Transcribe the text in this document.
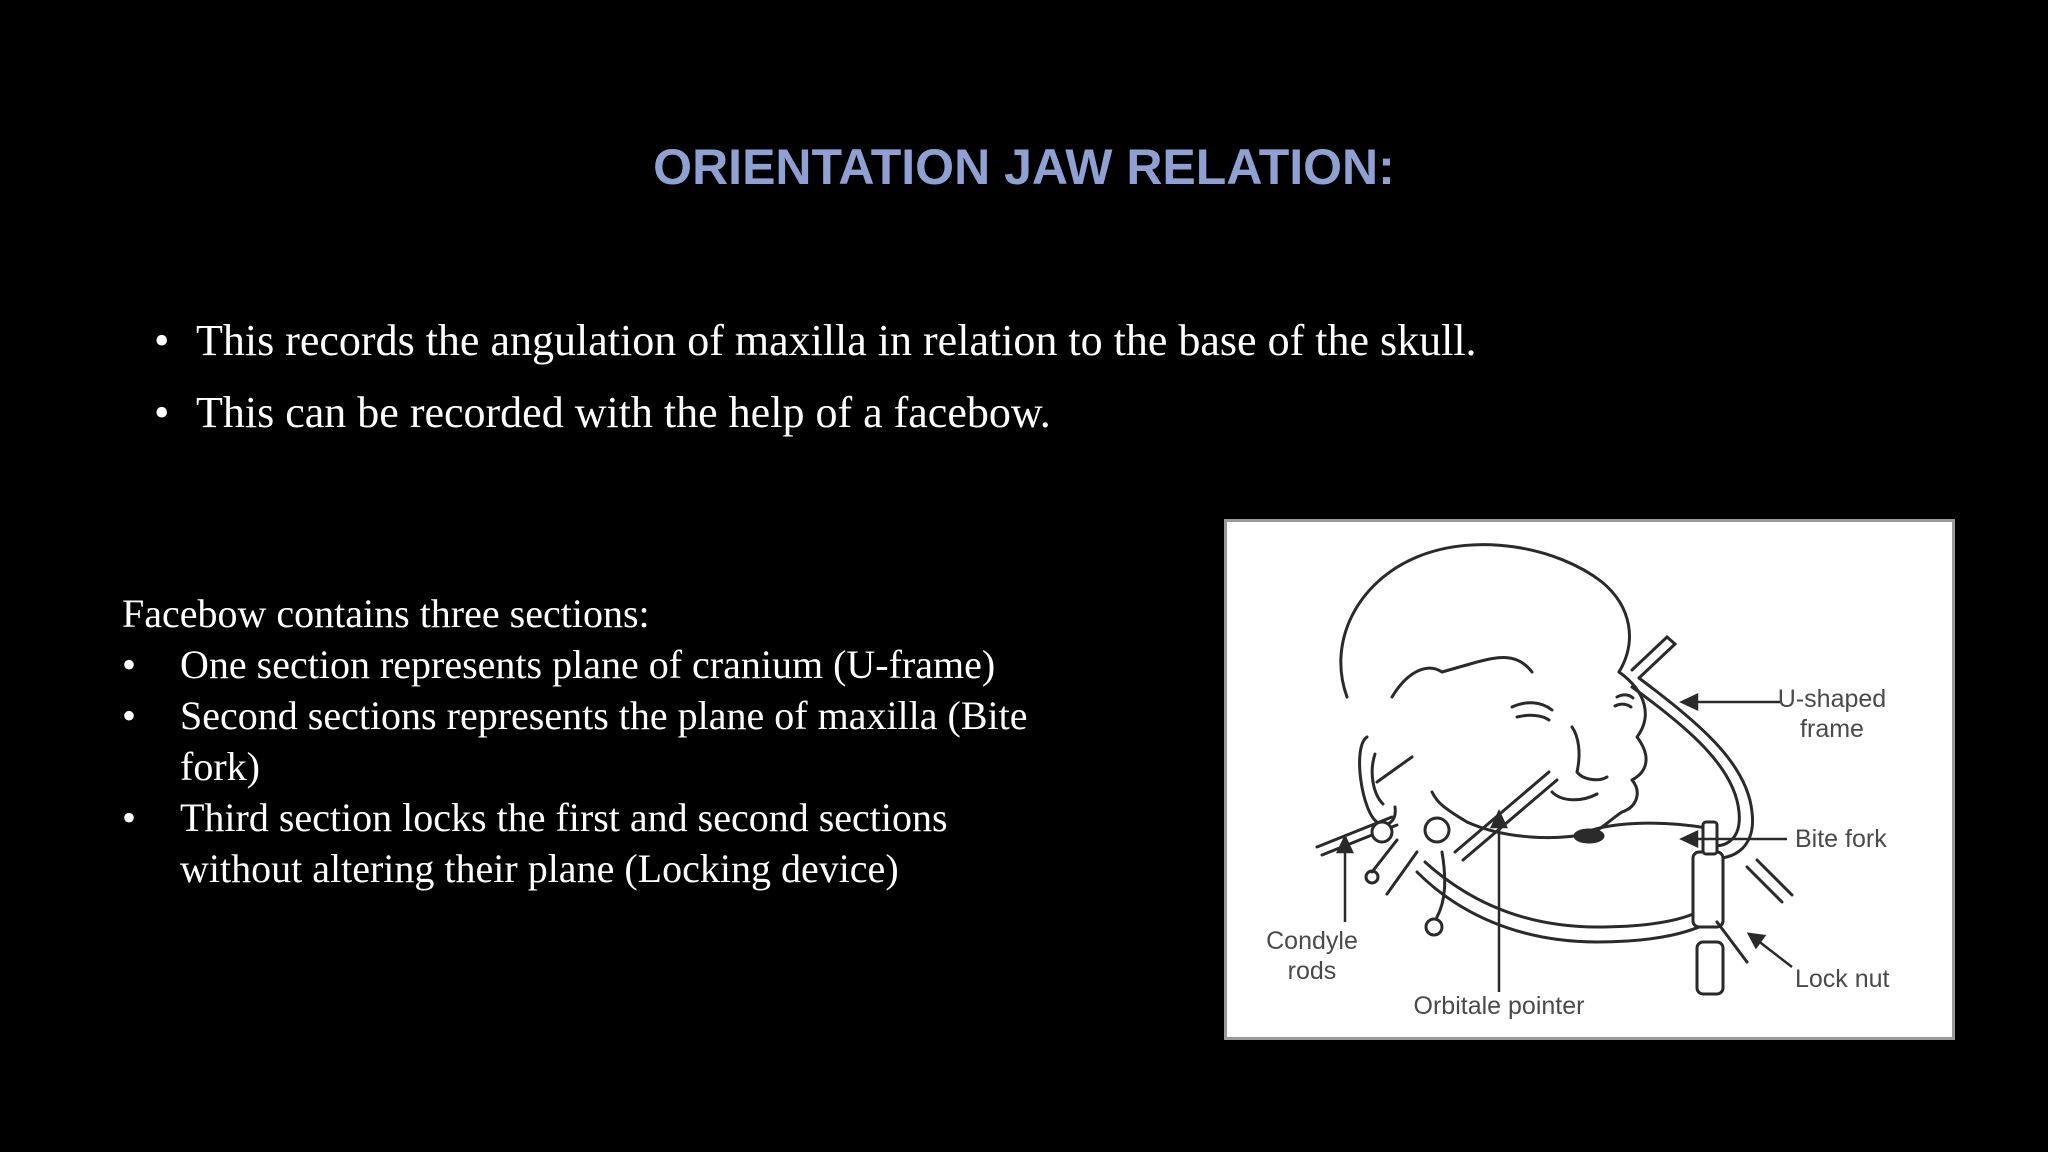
ORIENTATION JAW RELATION:
• This records the angulation of maxilla in relation to the base of the skull.
• This can be recorded with the help of a facebow.
Facebow contains three sections:
• One section represents plane of cranium (U-frame)
• Second sections represents the plane of maxilla (Bite fork)
• Third section locks the first and second sections without altering their plane (Locking device)
U-shaped
frame
Bite fork
Condyle
rods
Orbitale pointer
Lock nut
